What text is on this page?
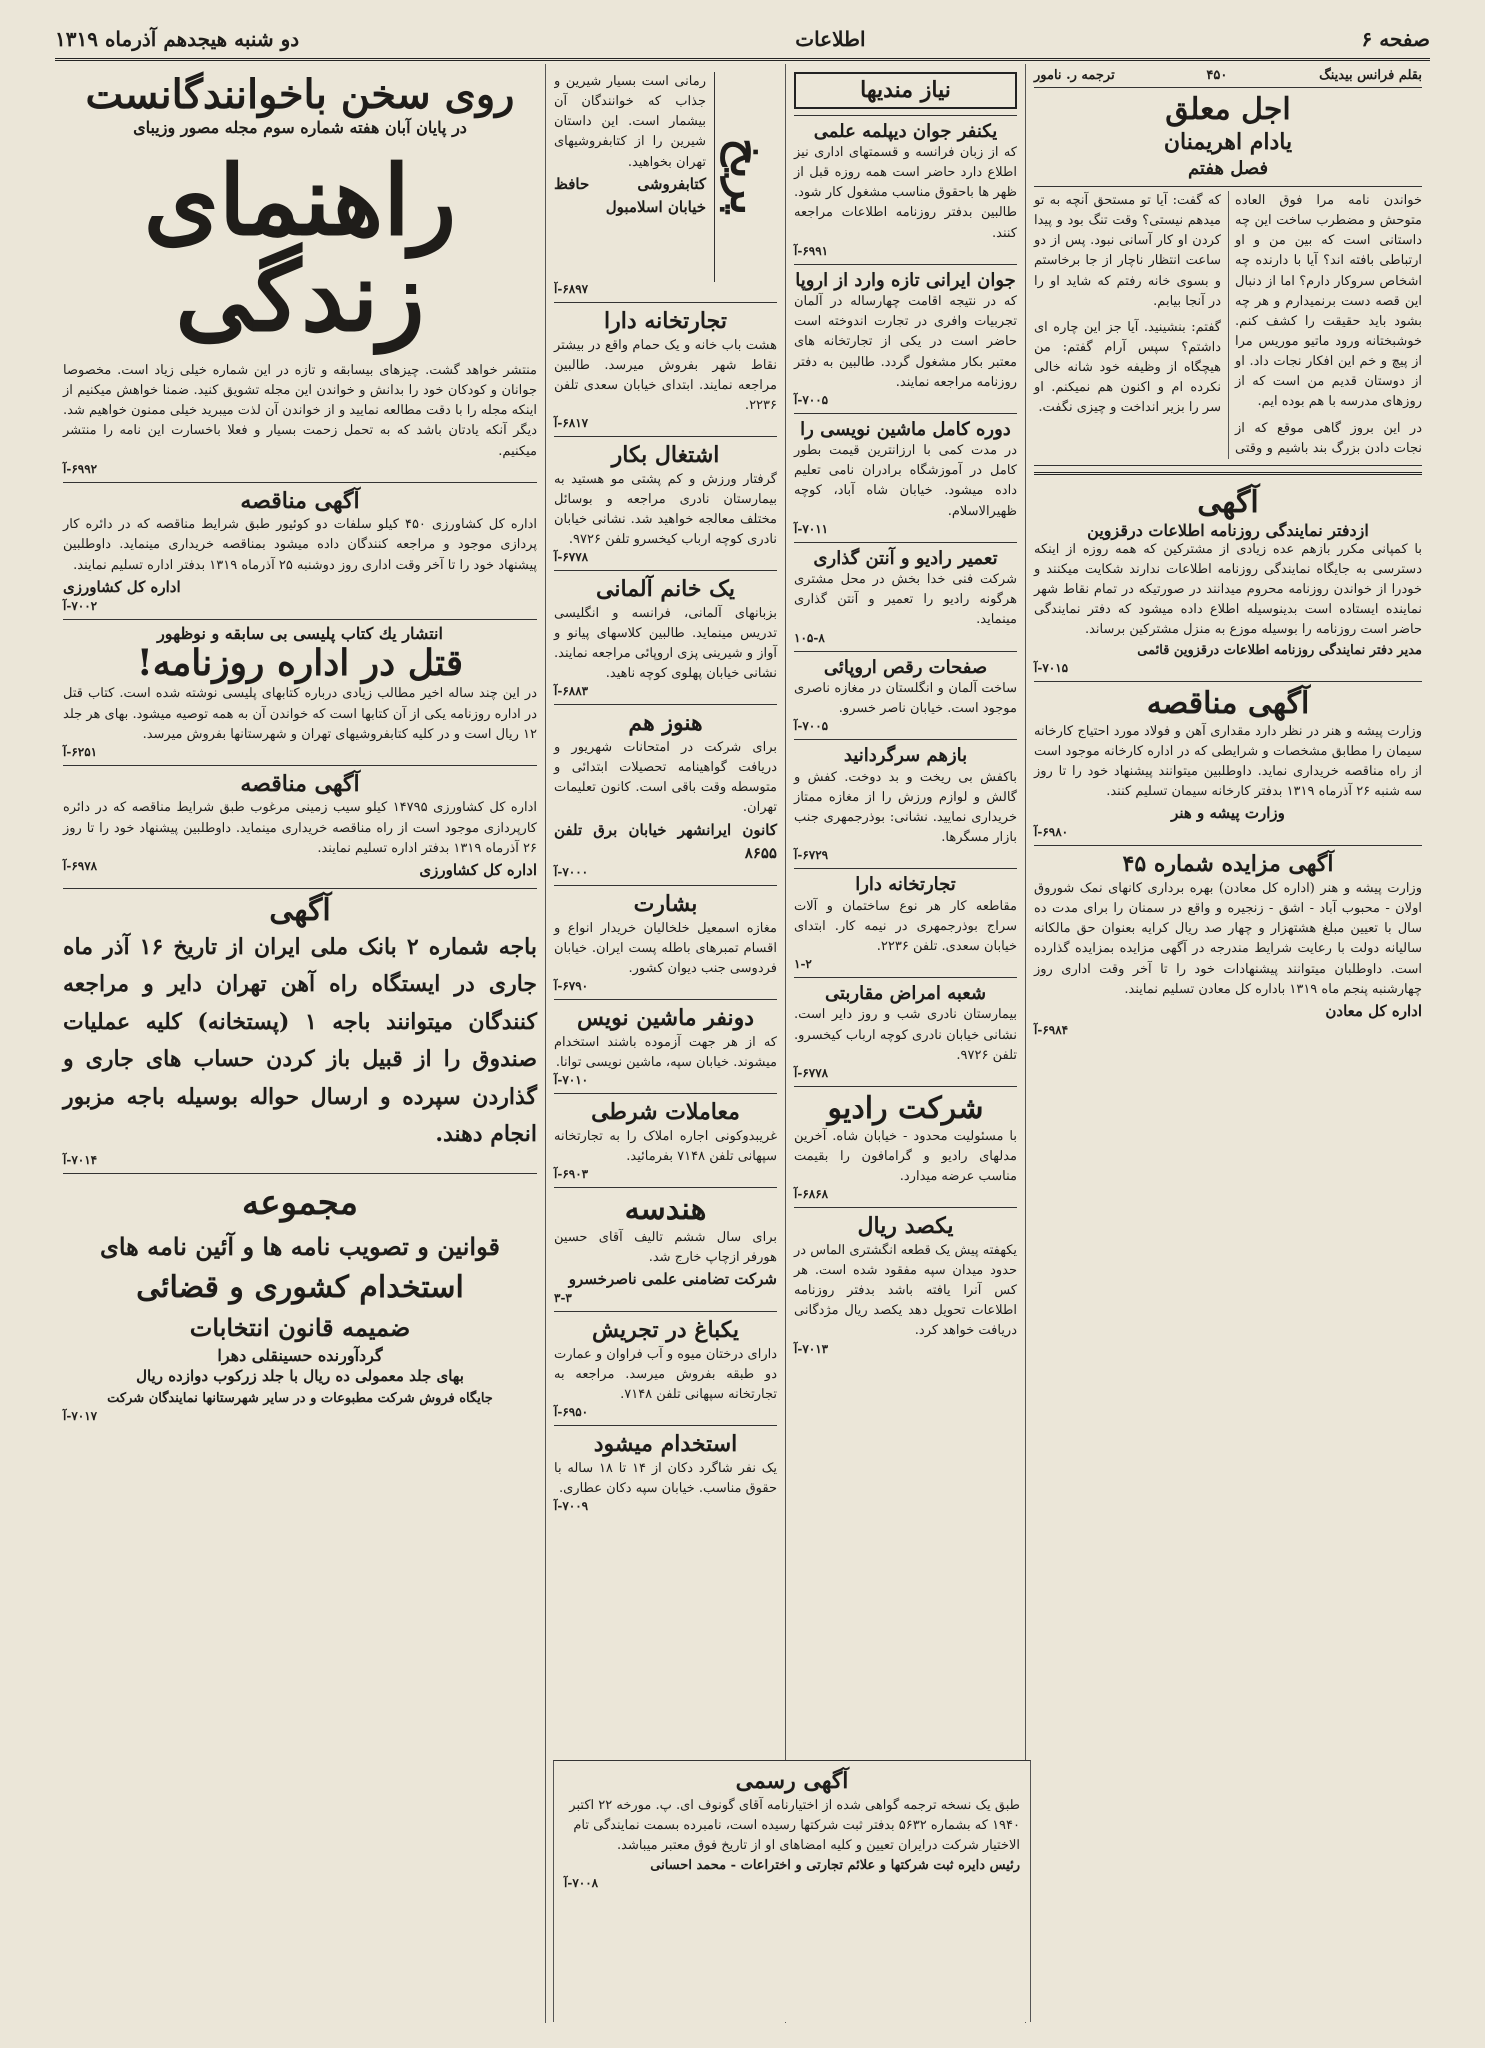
صفحه ۶
اطلاعات
دو شنبه هیجدهم آذرماه ۱۳۱۹
بقلم فرانس بیدینگ
۴۵۰
ترجمه ر. نامور
اجل معلق
یادام اهریمنان
فصل هفتم

خواندن نامه مرا فوق العاده متوحش و مضطرب ساخت این چه داستانی است که بین من و او ارتباطی بافته اند؟ آیا با دارنده چه اشخاص سروکار دارم؟ اما از دنبال این قصه دست برنمیدارم و هر چه بشود باید حقیقت را کشف کنم. خوشبختانه ورود ماتیو موریس مرا از پیچ و خم این افکار نجات داد. او از دوستان قدیم من است که از روزهای مدرسه با هم بوده ایم.

در این بروز گاهی موقع که از نجات دادن بزرگ بند باشیم و وقتی که گفت: آیا تو مستحق آنچه به تو میدهم نیستی؟ وقت تنگ بود و پیدا کردن او کار آسانی نبود. پس از دو ساعت انتظار ناچار از جا برخاستم و بسوی خانه رفتم که شاید او را در آنجا بیابم.

گفتم: بنشینید. آیا جز این چاره ای داشتم؟ سپس آرام گفتم: من هیچگاه از وظیفه خود شانه خالی نکرده ام و اکنون هم نمیکنم. او سر را بزیر انداخت و چیزی نگفت.

آگهی
ازدفتر نمایندگی روزنامه اطلاعات درقزوین
با کمپانی مکرر بازهم عده زیادی از مشترکین که همه روزه از اینکه دسترسی به جایگاه نمایندگی روزنامه اطلاعات ندارند شکایت میکنند و خودرا از خواندن روزنامه محروم میدانند در صورتیکه در تمام نقاط شهر نماینده ایستاده است بدینوسیله اطلاع داده میشود که دفتر نمایندگی حاضر است روزنامه را بوسیله موزع به منزل مشترکین برساند.
مدیر دفتر نمایندگی روزنامه اطلاعات درقزوین قائمی
۷۰۱۵-آ
آگهی مناقصه
وزارت پیشه و هنر در نظر دارد مقداری آهن و فولاد مورد احتیاج کارخانه سیمان را مطابق مشخصات و شرایطی که در اداره کارخانه موجود است از راه مناقصه خریداری نماید. داوطلبین میتوانند پیشنهاد خود را تا روز سه شنبه ۲۶ آذرماه ۱۳۱۹ بدفتر کارخانه سیمان تسلیم کنند.
وزارت پیشه و هنر
۶۹۸۰-آ
آگهی مزایده شماره ۴۵
وزارت پیشه و هنر (اداره کل معادن) بهره برداری کانهای نمک شوروق اولان - محبوب آباد - اشق - زنجیره و واقع در سمنان را برای مدت ده سال با تعیین مبلغ هشتهزار و چهار صد ریال کرایه بعنوان حق مالکانه سالیانه دولت با رعایت شرایط مندرجه در آگهی مزایده بمزایده گذارده است. داوطلبان میتوانند پیشنهادات خود را تا آخر وقت اداری روز چهارشنبه پنجم ماه ۱۳۱۹ باداره کل معادن تسلیم نمایند.
اداره کل معادن
۶۹۸۴-آ
نیاز مندیها
یکنفر جوان دیپلمه علمی
که از زبان فرانسه و قسمتهای اداری نیز اطلاع دارد حاضر است همه روزه قبل از ظهر ها باحقوق مناسب مشغول کار شود. طالبین بدفتر روزنامه اطلاعات مراجعه کنند.
۶۹۹۱-آ
جوان ایرانی تازه وارد از اروپا
که در نتیجه اقامت چهارساله در آلمان تجربیات وافری در تجارت اندوخته است حاضر است در یکی از تجارتخانه های معتبر بکار مشغول گردد. طالبین به دفتر روزنامه مراجعه نمایند.
۷۰۰۵-آ
دوره کامل ماشین نویسی را
در مدت کمی با ارزانترین قیمت بطور کامل در آموزشگاه برادران نامی تعلیم داده میشود. خیابان شاه آباد، کوچه ظهیرالاسلام.
۷۰۱۱-آ
تعمیر رادیو و آنتن گذاری
شرکت فنی خدا بخش در محل مشتری هرگونه رادیو را تعمیر و آنتن گذاری مینماید.
۱۰۵-۸
صفحات رقص اروپائی
ساخت آلمان و انگلستان در مغازه ناصری موجود است. خیابان ناصر خسرو.
۷۰۰۵-آ
بازهم سرگردانید
باکفش بی ریخت و بد دوخت. کفش و گالش و لوازم ورزش را از مغازه ممتاز خریداری نمایید. نشانی: بوذرجمهری جنب بازار مسگرها.
۶۷۲۹-آ
تجارتخانه دارا
مقاطعه کار هر نوع ساختمان و آلات سراج بوذرجمهری در نیمه کار. ابتدای خیابان سعدی. تلفن ۲۲۳۶.
۱-۲
شعبه امراض مقاربتی
بیمارستان نادری شب و روز دایر است. نشانی خیابان نادری کوچه ارباب کیخسرو. تلفن ۹۷۲۶.
۶۷۷۸-آ
شرکت رادیو
با مسئولیت محدود - خیابان شاه. آخرین مدلهای رادیو و گرامافون را بقیمت مناسب عرضه میدارد.
۶۸۶۸-آ
یکصد ریال
یکهفته پیش یک قطعه انگشتری الماس در حدود میدان سپه مفقود شده است. هر کس آنرا یافته باشد بدفتر روزنامه اطلاعات تحویل دهد یکصد ریال مژدگانی دریافت خواهد کرد.
۷۰۱۳-آ
پریخ
رمانی است بسیار شیرین و جذاب که خوانندگان آن بیشمار است. این داستان شیرین را از کتابفروشیهای تهران بخواهید.
کتابفروشی حافظ خیابان اسلامبول
۶۸۹۷-آ
تجارتخانه دارا
هشت باب خانه و یک حمام واقع در بیشتر نقاط شهر بفروش میرسد. طالبین مراجعه نمایند. ابتدای خیابان سعدی تلفن ۲۲۳۶.
۶۸۱۷-آ
اشتغال بکار
گرفتار ورزش و کم پشتی مو هستید به بیمارستان نادری مراجعه و بوسائل مختلف معالجه خواهید شد. نشانی خیابان نادری کوچه ارباب کیخسرو تلفن ۹۷۲۶.
۶۷۷۸-آ
یک خانم آلمانی
بزبانهای آلمانی، فرانسه و انگلیسی تدریس مینماید. طالبین کلاسهای پیانو و آواز و شیرینی پزی اروپائی مراجعه نمایند. نشانی خیابان پهلوی کوچه ناهید.
۶۸۸۳-آ
هنوز هم
برای شرکت در امتحانات شهریور و دریافت گواهینامه تحصیلات ابتدائی و متوسطه وقت باقی است. کانون تعلیمات تهران.
کانون ایرانشهر خیابان برق تلفن ۸۶۵۵
۷۰۰۰-آ
بشارت
مغازه اسمعیل خلخالیان خریدار انواع و اقسام تمبرهای باطله پست ایران. خیابان فردوسی جنب دیوان کشور.
۶۷۹۰-آ
دونفر ماشین نویس
که از هر جهت آزموده باشند استخدام میشوند. خیابان سپه، ماشین نویسی توانا.
۷۰۱۰-آ
معاملات شرطی
غریبدوکونی اجاره املاک را به تجارتخانه سپهانی تلفن ۷۱۴۸ بفرمائید.
۶۹۰۳-آ
هندسه
برای سال ششم تالیف آقای حسین هورفر ازچاپ خارج شد.
شرکت تضامنی علمی ناصرخسرو
۳-۳
یکباغ در تجریش
دارای درختان میوه و آب فراوان و عمارت دو طبقه بفروش میرسد. مراجعه به تجارتخانه سپهانی تلفن ۷۱۴۸.
۶۹۵۰-آ
استخدام میشود
یک نفر شاگرد دکان از ۱۴ تا ۱۸ ساله با حقوق مناسب. خیابان سپه دکان عطاری.
۷۰۰۹-آ
روی سخن باخوانندگانست
در پایان آبان هفته شماره سوم مجله مصور وزیبای
راهنمای زندگی
منتشر خواهد گشت. چیزهای بیسابقه و تازه در این شماره خیلی زیاد است. مخصوصا جوانان و کودکان خود را بدانش و خواندن این مجله تشویق کنید. ضمنا خواهش میکنیم از اینکه مجله را با دقت مطالعه نمایید و از خواندن آن لذت میبرید خیلی ممنون خواهیم شد. دیگر آنکه یادتان باشد که به تحمل زحمت بسیار و فعلا باخسارت این نامه را منتشر میکنیم.
۶۹۹۲-آ
آگهی مناقصه
اداره کل کشاورزی ۴۵۰ کیلو سلفات دو کوئیور طبق شرایط مناقصه که در دائره کار پردازی موجود و مراجعه کنندگان داده میشود بمناقصه خریداری مینماید. داوطلبین پیشنهاد خود را تا آخر وقت اداری روز دوشنبه ۲۵ آذرماه ۱۳۱۹ بدفتر اداره تسلیم نمایند.
اداره کل کشاورزی
۷۰۰۲-آ
انتشار یك كتاب پلیسی بی سابقه و نوظهور
قتل در اداره روزنامه!
در این چند ساله اخیر مطالب زیادی درباره کتابهای پلیسی نوشته شده است. کتاب قتل در اداره روزنامه یکی از آن کتابها است که خواندن آن به همه توصیه میشود. بهای هر جلد ۱۲ ریال است و در کلیه کتابفروشیهای تهران و شهرستانها بفروش میرسد.
۶۲۵۱-آ
آگهی مناقصه
اداره کل کشاورزی ۱۴۷۹۵ کیلو سیب زمینی مرغوب طبق شرایط مناقصه که در دائره کارپردازی موجود است از راه مناقصه خریداری مینماید. داوطلبین پیشنهاد خود را تا روز ۲۶ آذرماه ۱۳۱۹ بدفتر اداره تسلیم نمایند.
اداره کل کشاورزی
۶۹۷۸-آ
آگهی
باجه شماره ۲ بانک ملی ایران از تاریخ ۱۶ آذر ماه جاری در ایستگاه راه آهن تهران دایر و مراجعه کنندگان میتوانند باجه ۱ (پستخانه) کلیه عملیات صندوق را از قبیل باز کردن حساب های جاری و گذاردن سپرده و ارسال حواله بوسیله باجه مزبور انجام دهند.
۷۰۱۴-آ
مجموعه
قوانین و تصویب نامه ها و آئین نامه های
استخدام کشوری و قضائی
ضمیمه قانون انتخابات
گردآورنده حسینقلی دهرا
بهای جلد معمولی ده ریال با جلد زرکوب دوازده ریال
جایگاه فروش شرکت مطبوعات و در سایر شهرستانها نمایندگان شرکت
۷۰۱۷-آ
آگهی رسمی
طبق یک نسخه ترجمه گواهی شده از اختیارنامه آقای گونوف ای. پ. مورخه ۲۲ اکتبر ۱۹۴۰ که بشماره ۵۶۳۲ بدفتر ثبت شرکتها رسیده است، نامبرده بسمت نمایندگی تام الاختیار شرکت درایران تعیین و کلیه امضاهای او از تاریخ فوق معتبر میباشد.
رئیس دایره ثبت شرکتها و علائم تجارتی و اختراعات - محمد احسانی
۷۰۰۸-آ
